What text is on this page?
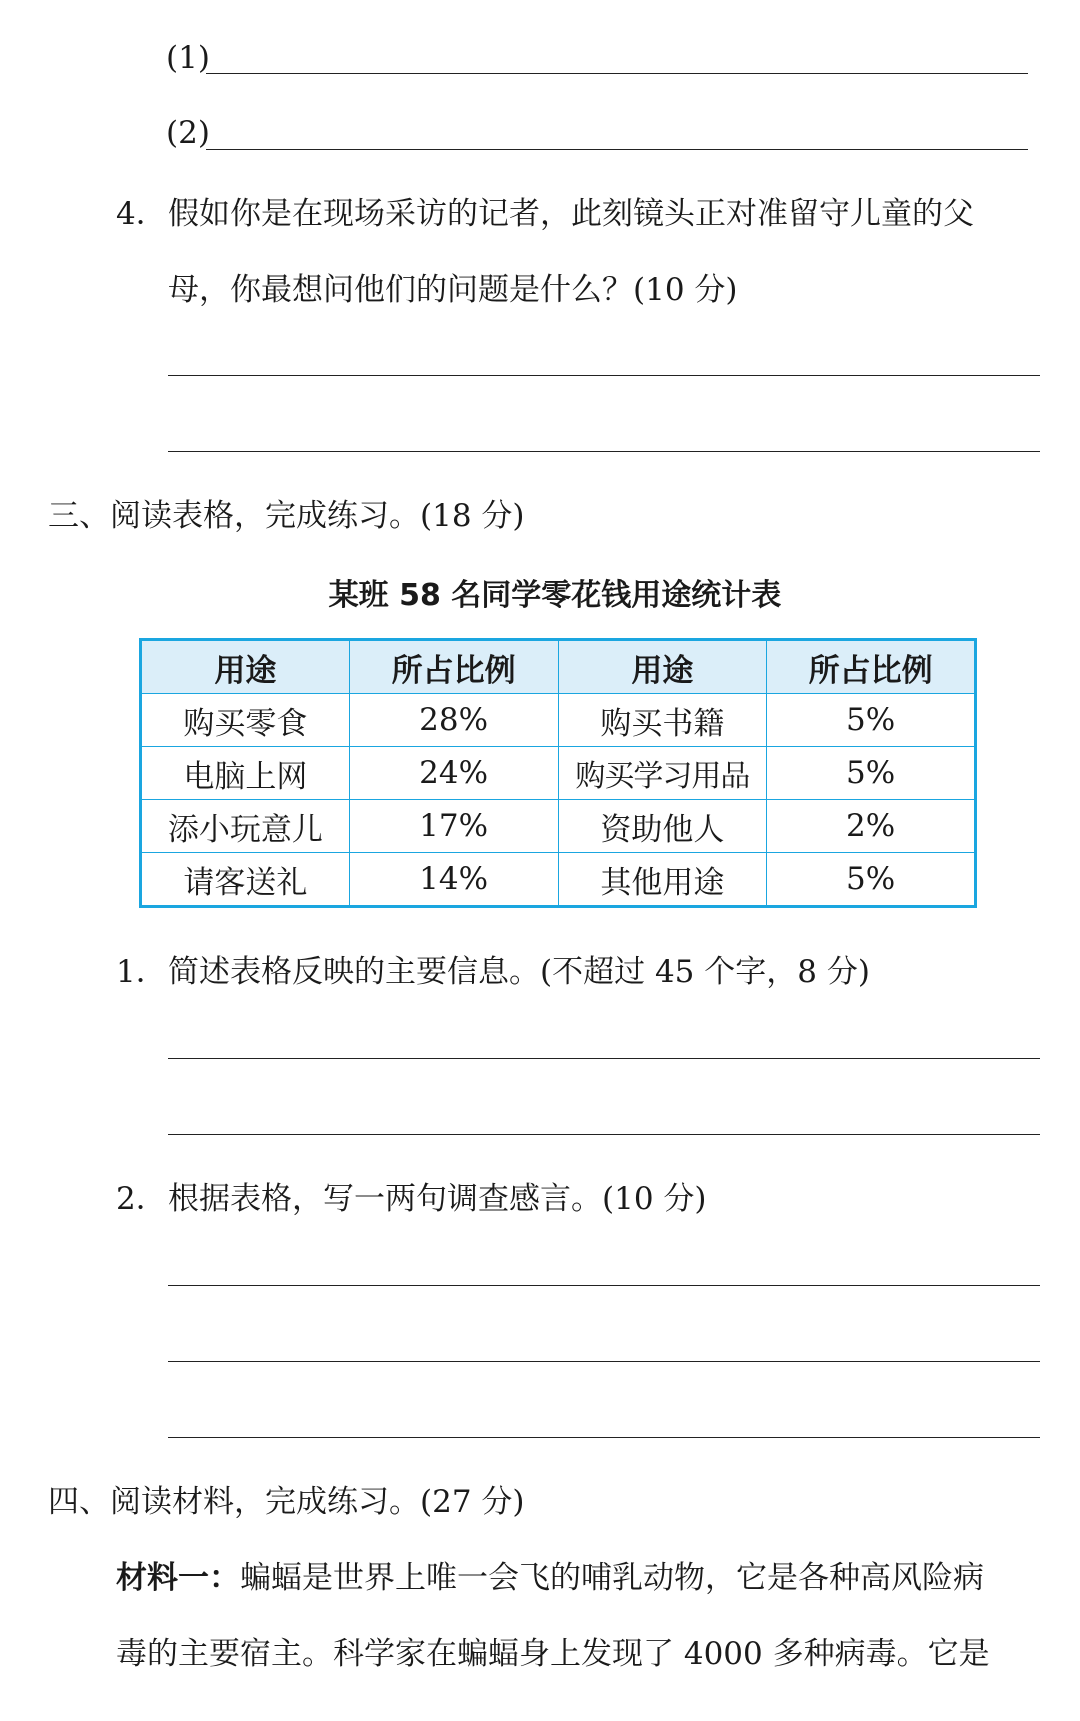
(1)
(2)
4． 假如你是在现场采访的记者，此刻镜头正对准留守儿童的父
母，你最想问他们的问题是什么？(10 分)
三、阅读表格，完成练习。(18 分)
某班 58 名同学零花钱用途统计表
用途	所占比例	用途	所占比例
购买零食	28%	购买书籍	5%
电脑上网	24%	购买学习用品	5%
添小玩意儿	17%	资助他人	2%
请客送礼	14%	其他用途	5%
1． 简述表格反映的主要信息。(不超过 45 个字，8 分)
2． 根据表格，写一两句调查感言。(10 分)
四、阅读材料，完成练习。(27 分)
材料一：蝙蝠是世界上唯一会飞的哺乳动物，它是各种高风险病
毒的主要宿主。科学家在蝙蝠身上发现了 4000 多种病毒。它是
